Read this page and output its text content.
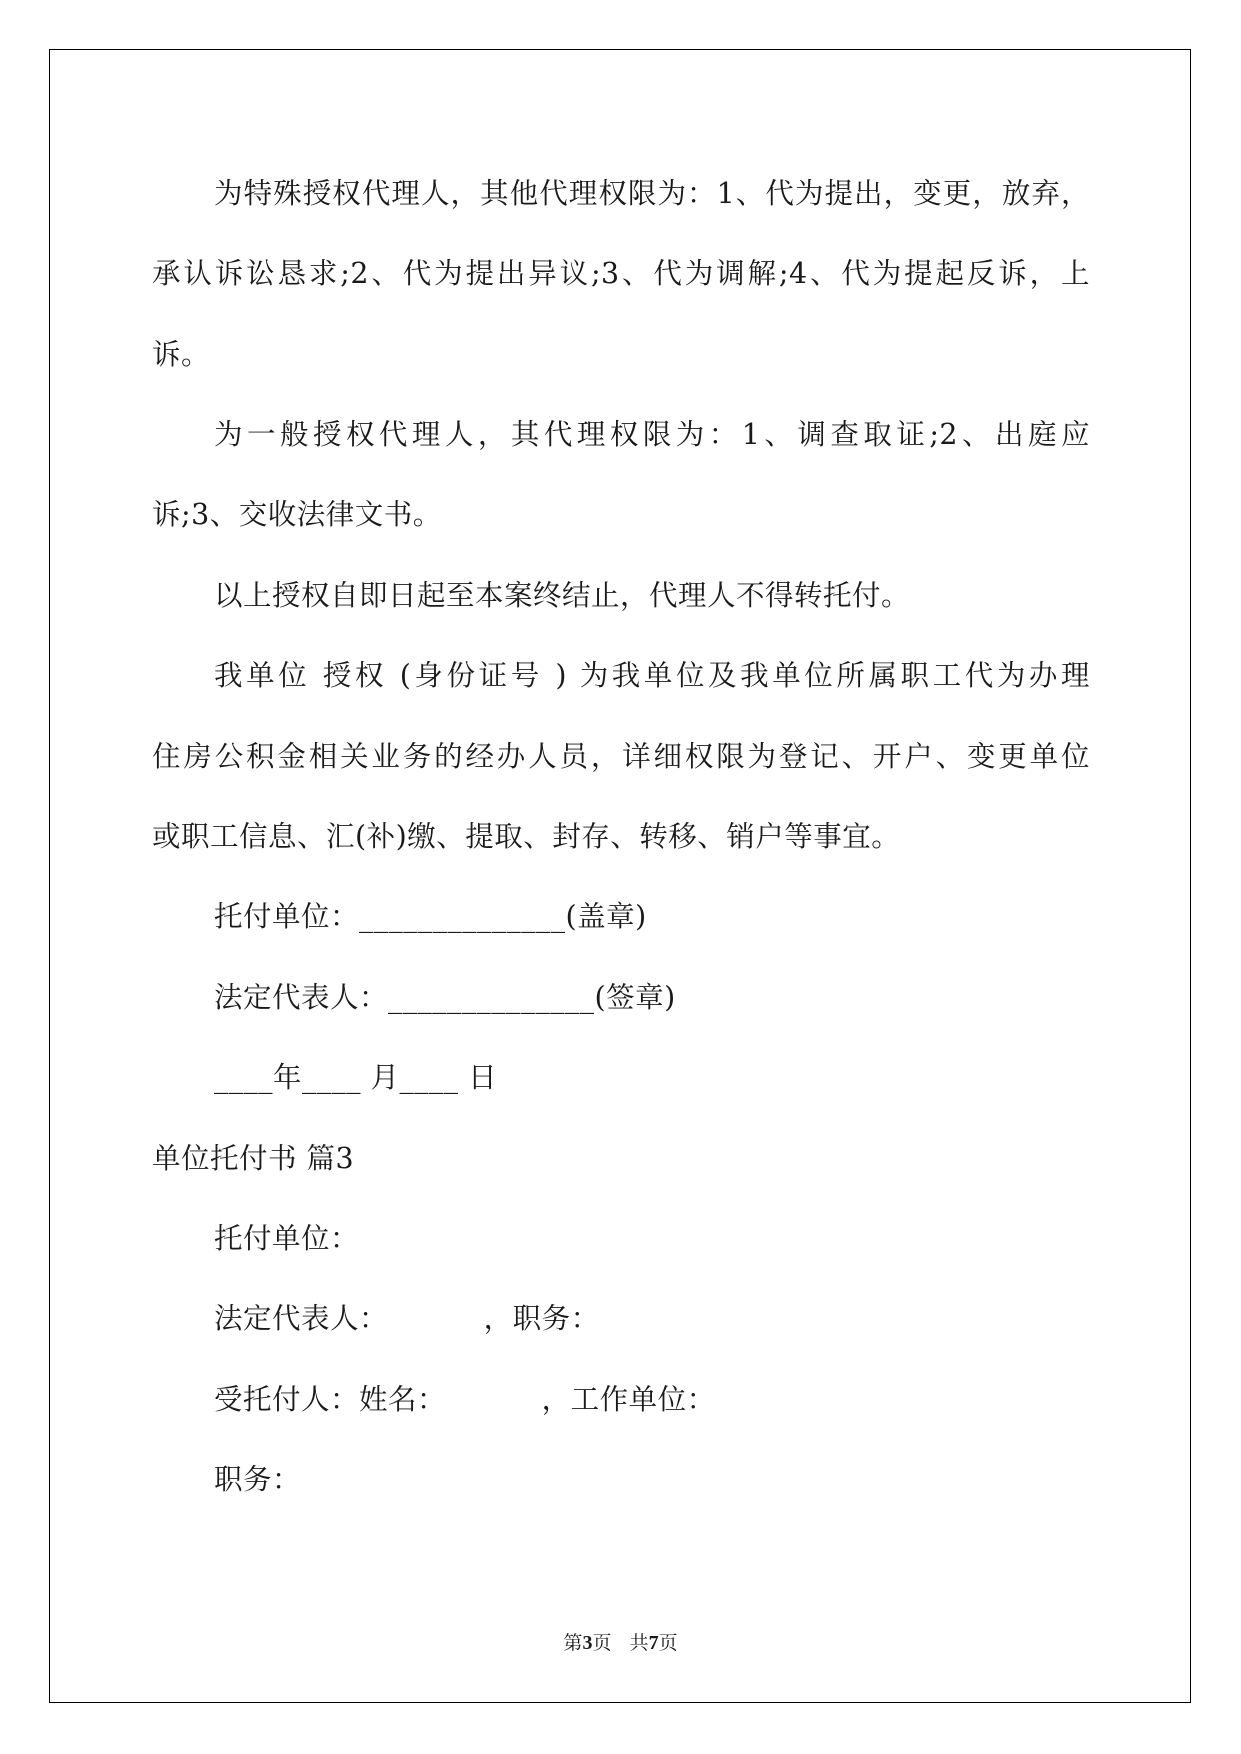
为特殊授权代理人，其他代理权限为：1、代为提出，变更，放弃，
承认诉讼恳求;2、代为提出异议;3、代为调解;4、代为提起反诉，上
诉。
为一般授权代理人，其代理权限为：1、调查取证;2、出庭应
诉;3、交收法律文书。
以上授权自即日起至本案终结止，代理人不得转托付。
我单位 授权 (身份证号 ) 为我单位及我单位所属职工代为办理
住房公积金相关业务的经办人员，详细权限为登记、开户、变更单位
或职工信息、汇(补)缴、提取、封存、转移、销户等事宜。
托付单位：______________(盖章)
法定代表人：______________(签章)
____年____ 月____ 日
单位托付书 篇3
托付单位：
法定代表人：          ，职务：
受托付人：姓名：          ，工作单位：
职务：
第3页   共7页
